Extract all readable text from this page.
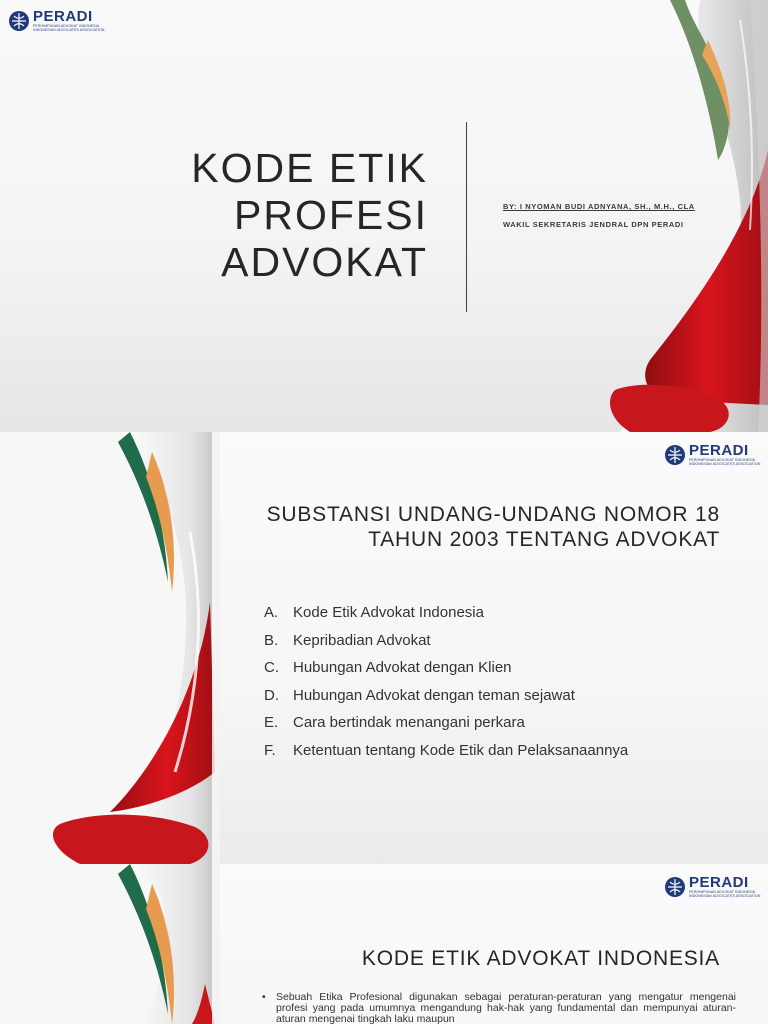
PERADI
PERHIMPUNAN ADVOKAT INDONESIA
INDONESIAN ADVOCATES ASSOCIATION
KODE ETIK
PROFESI
ADVOKAT
BY: I NYOMAN BUDI ADNYANA, SH., M.H., CLA
WAKIL SEKRETARIS JENDRAL DPN PERADI
PERADI
PERHIMPUNAN ADVOKAT INDONESIA
INDONESIAN ADVOCATES ASSOCIATION
SUBSTANSI UNDANG-UNDANG NOMOR 18
TAHUN 2003 TENTANG ADVOKAT
A. Kode Etik Advokat Indonesia
B. Kepribadian Advokat
C. Hubungan Advokat dengan Klien
D. Hubungan Advokat dengan teman sejawat
E. Cara bertindak menangani perkara
F.	Ketentuan tentang Kode Etik dan Pelaksanaannya
PERADI
PERHIMPUNAN ADVOKAT INDONESIA
INDONESIAN ADVOCATES ASSOCIATION
KODE ETIK ADVOKAT INDONESIA
• Sebuah Etika Profesional digunakan sebagai peraturan-peraturan yang mengatur mengenai profesi yang pada umumnya mengandung hak-hak yang fundamental dan mempunyai aturan-aturan mengenai tingkah laku maupun
